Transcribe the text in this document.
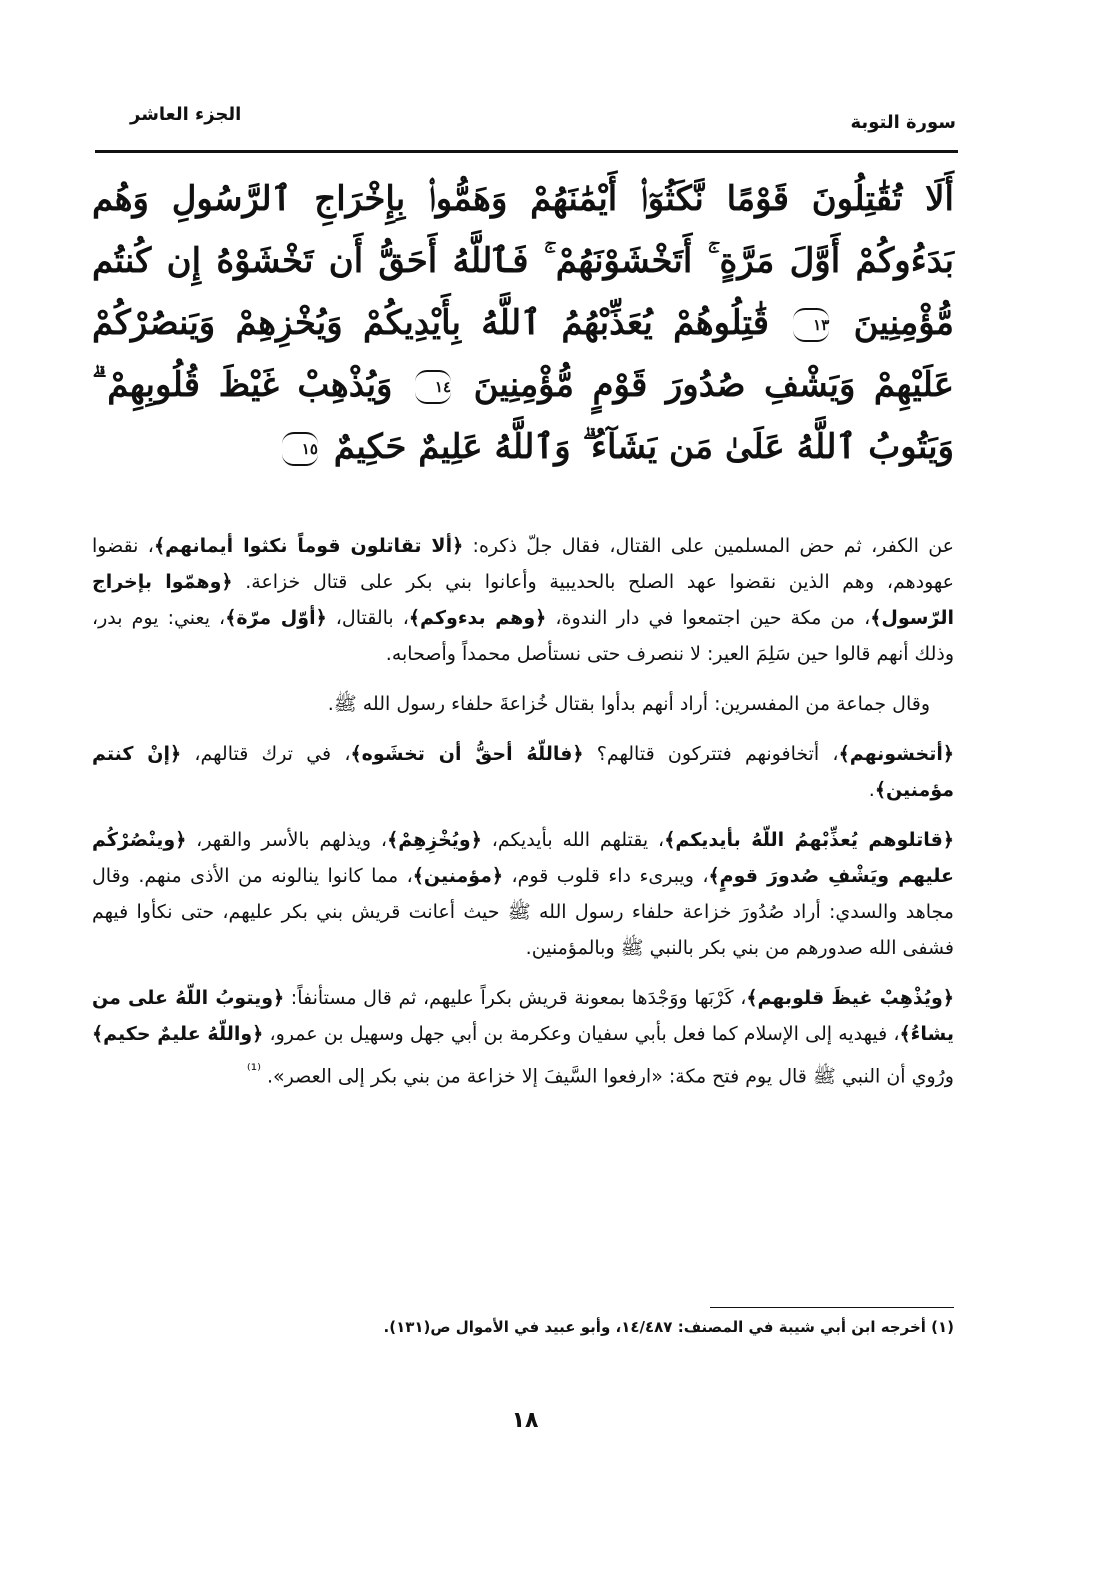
سورة التوبة
الجزء العاشر
أَلَا تُقَٰتِلُونَ قَوْمًا نَّكَثُوٓا۟ أَيْمَٰنَهُمْ وَهَمُّوا۟ بِإِخْرَاجِ ٱلرَّسُولِ وَهُم بَدَءُوكُمْ أَوَّلَ مَرَّةٍ ۚ أَتَخْشَوْنَهُمْ ۚ فَٱللَّهُ أَحَقُّ أَن تَخْشَوْهُ إِن كُنتُم مُّؤْمِنِينَ ١٣ قَٰتِلُوهُمْ يُعَذِّبْهُمُ ٱللَّهُ بِأَيْدِيكُمْ وَيُخْزِهِمْ وَيَنصُرْكُمْ عَلَيْهِمْ وَيَشْفِ صُدُورَ قَوْمٍ مُّؤْمِنِينَ ١٤ وَيُذْهِبْ غَيْظَ قُلُوبِهِمْ ۗ وَيَتُوبُ ٱللَّهُ عَلَىٰ مَن يَشَآءُ ۗ وَٱللَّهُ عَلِيمٌ حَكِيمٌ ١٥

عن الكفر، ثم حض المسلمين على القتال، فقال جلّ ذكره: ﴿ألا تقاتلون قوماً نكثوا أيمانهم﴾، نقضوا عهودهم، وهم الذين نقضوا عهد الصلح بالحديبية وأعانوا بني بكر على قتال خزاعة. ﴿وهمّوا بإخراج الرّسول﴾، من مكة حين اجتمعوا في دار الندوة، ﴿وهم بدءوكم﴾، بالقتال، ﴿أوّل مرّة﴾، يعني: يوم بدر، وذلك أنهم قالوا حين سَلِمَ العير: لا ننصرف حتى نستأصل محمداً وأصحابه.

وقال جماعة من المفسرين: أراد أنهم بدأوا بقتال خُزاعةَ حلفاء رسول الله ﷺ.

﴿أتخشونهم﴾، أتخافونهم فتتركون قتالهم؟ ﴿فاللّهُ أحقُّ أن تخشَوه﴾، في ترك قتالهم، ﴿إنْ كنتم مؤمنين﴾.

﴿قاتلوهم يُعذِّبْهمُ اللّهُ بأيديكم﴾، يقتلهم الله بأيديكم، ﴿ويُخْزِهِمْ﴾، ويذلهم بالأسر والقهر، ﴿وينْصُرْكُم عليهم ويَشْفِ صُدورَ قومٍ﴾، ويبرىء داء قلوب قوم، ﴿مؤمنين﴾، مما كانوا ينالونه من الأذى منهم. وقال مجاهد والسدي: أراد صُدُورَ خزاعة حلفاء رسول الله ﷺ حيث أعانت قريش بني بكر عليهم، حتى نكأوا فيهم فشفى الله صدورهم من بني بكر بالنبي ﷺ وبالمؤمنين.

﴿ويُذْهِبْ غيظَ قلوبهم﴾، كَرْبَها ووَجْدَها بمعونة قريش بكراً عليهم، ثم قال مستأنفاً: ﴿ويتوبُ اللّهُ على من يشاءُ﴾، فيهديه إلى الإسلام كما فعل بأبي سفيان وعكرمة بن أبي جهل وسهيل بن عمرو، ﴿واللّهُ عليمٌ حكيم﴾ ورُوي أن النبي ﷺ قال يوم فتح مكة: «ارفعوا السَّيفَ إلا خزاعة من بني بكر إلى العصر». $^{^{(1)}}$

(١) أخرجه ابن أبي شيبة في المصنف: ١٤/٤٨٧، وأبو عبيد في الأموال ص(١٣١).
١٨
